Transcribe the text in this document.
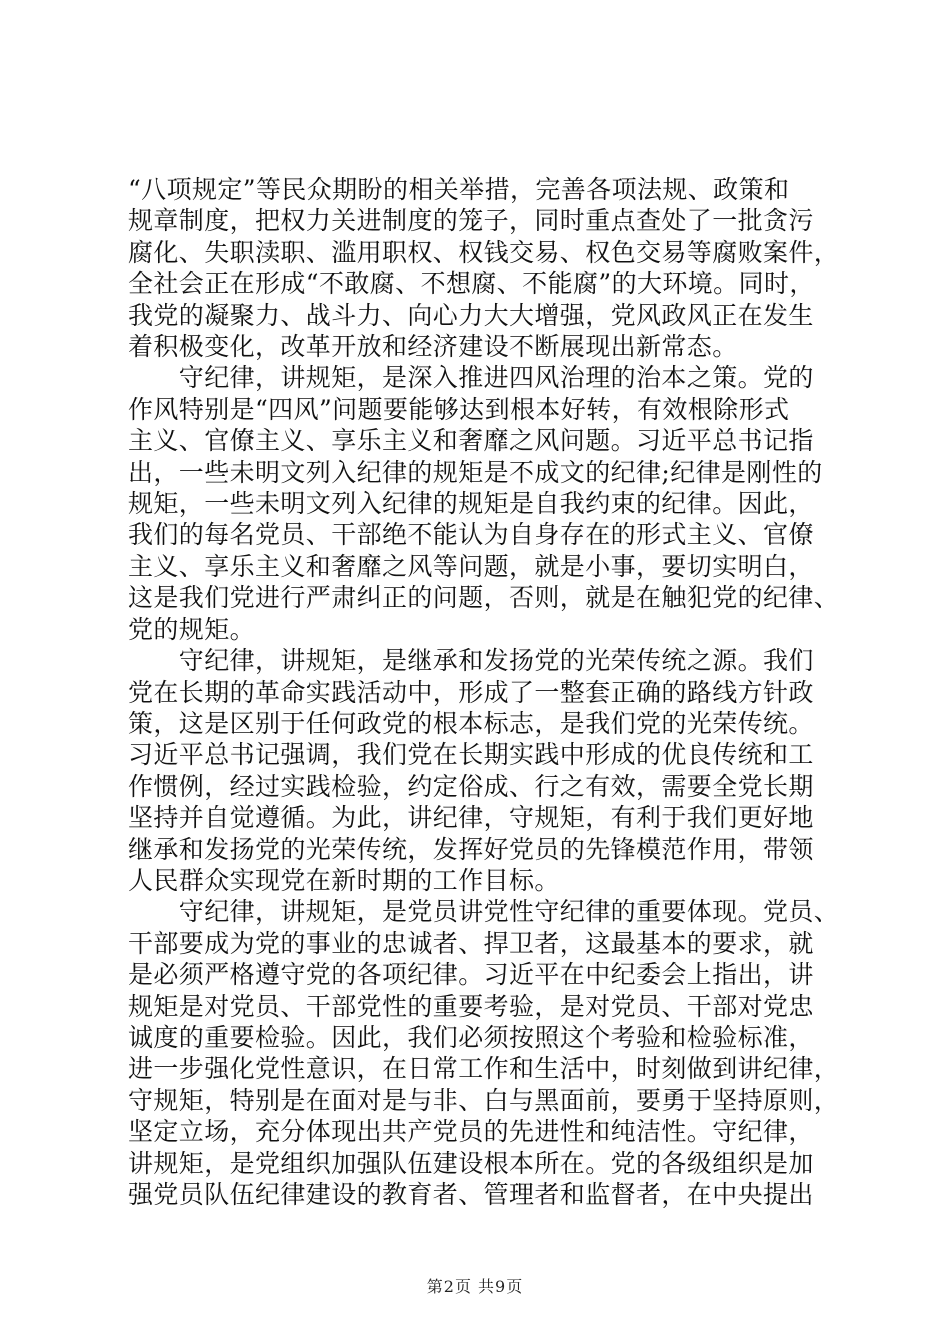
“八项规定”等民众期盼的相关举措，完善各项法规、政策和
规章制度，把权力关进制度的笼子，同时重点查处了一批贪污
腐化、失职渎职、滥用职权、权钱交易、权色交易等腐败案件，
全社会正在形成“不敢腐、不想腐、不能腐”的大环境。同时，
我党的凝聚力、战斗力、向心力大大增强，党风政风正在发生
着积极变化，改革开放和经济建设不断展现出新常态。
　　守纪律，讲规矩，是深入推进四风治理的治本之策。党的
作风特别是“四风”问题要能够达到根本好转，有效根除形式
主义、官僚主义、享乐主义和奢靡之风问题。习近平总书记指
出，一些未明文列入纪律的规矩是不成文的纪律;纪律是刚性的
规矩，一些未明文列入纪律的规矩是自我约束的纪律。因此，
我们的每名党员、干部绝不能认为自身存在的形式主义、官僚
主义、享乐主义和奢靡之风等问题，就是小事，要切实明白，
这是我们党进行严肃纠正的问题，否则，就是在触犯党的纪律、
党的规矩。
　　守纪律，讲规矩，是继承和发扬党的光荣传统之源。我们
党在长期的革命实践活动中，形成了一整套正确的路线方针政
策，这是区别于任何政党的根本标志，是我们党的光荣传统。
习近平总书记强调，我们党在长期实践中形成的优良传统和工
作惯例，经过实践检验，约定俗成、行之有效，需要全党长期
坚持并自觉遵循。为此，讲纪律，守规矩，有利于我们更好地
继承和发扬党的光荣传统，发挥好党员的先锋模范作用，带领
人民群众实现党在新时期的工作目标。
　　守纪律，讲规矩，是党员讲党性守纪律的重要体现。党员、
干部要成为党的事业的忠诚者、捍卫者，这最基本的要求，就
是必须严格遵守党的各项纪律。习近平在中纪委会上指出，讲
规矩是对党员、干部党性的重要考验，是对党员、干部对党忠
诚度的重要检验。因此，我们必须按照这个考验和检验标准，
进一步强化党性意识，在日常工作和生活中，时刻做到讲纪律，
守规矩，特别是在面对是与非、白与黑面前，要勇于坚持原则，
坚定立场，充分体现出共产党员的先进性和纯洁性。守纪律，
讲规矩，是党组织加强队伍建设根本所在。党的各级组织是加
强党员队伍纪律建设的教育者、管理者和监督者，在中央提出
第2页 共9页
